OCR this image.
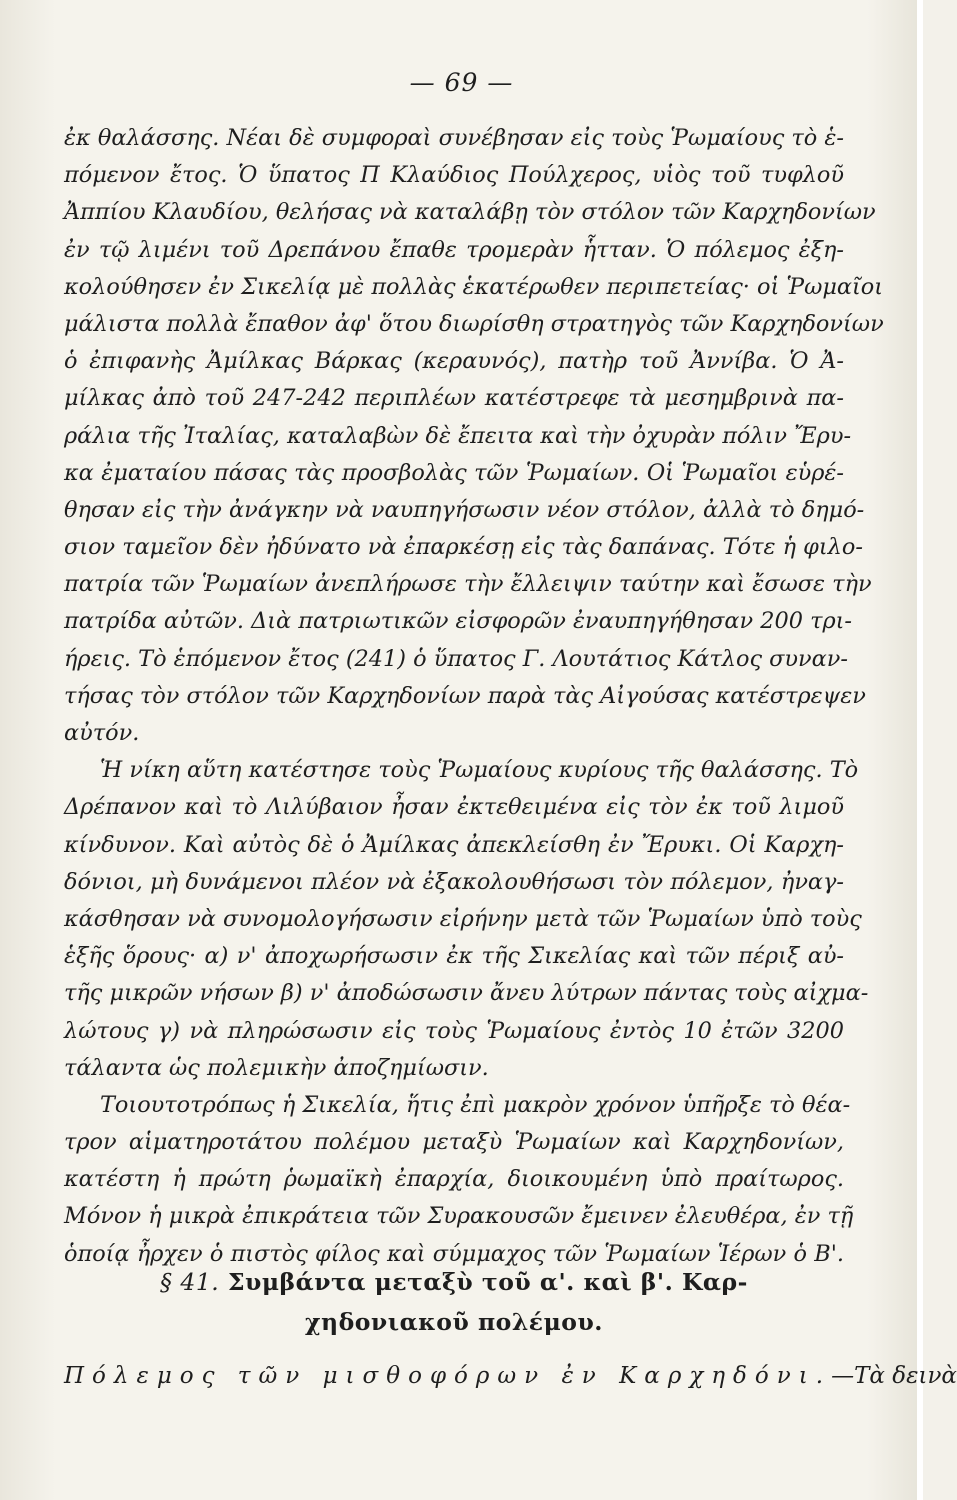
— 69 —
ἐκ θαλάσσης. Νέαι δὲ συμφοραὶ συνέβησαν εἰς τοὺς Ῥωμαίους τὸ ἑ-
πόμενον ἔτος. Ὁ ὕπατος Π Κλαύδιος Πούλχερος, υἱὸς τοῦ τυφλοῦ
Ἀππίου Κλαυδίου, θελήσας νὰ καταλάβῃ τὸν στόλον τῶν Καρχηδονίων
ἐν τῷ λιμένι τοῦ Δρεπάνου ἔπαθε τρομερὰν ἧτταν. Ὁ πόλεμος ἐξη-
κολούθησεν ἐν Σικελίᾳ μὲ πολλὰς ἑκατέρωθεν περιπετείας· οἱ Ῥωμαῖοι
μάλιστα πολλὰ ἔπαθον ἀφ' ὅτου διωρίσθη στρατηγὸς τῶν Καρχηδονίων
ὁ ἐπιφανὴς Ἀμίλκας Βάρκας (κεραυνός), πατὴρ τοῦ Ἀννίβα. Ὁ Ἀ-
μίλκας ἀπὸ τοῦ 247-242 περιπλέων κατέστρεφε τὰ μεσημβρινὰ πα-
ράλια τῆς Ἰταλίας, καταλαβὼν δὲ ἔπειτα καὶ τὴν ὀχυρὰν πόλιν Ἔρυ-
κα ἐματαίου πάσας τὰς προσβολὰς τῶν Ῥωμαίων. Οἱ Ῥωμαῖοι εὑρέ-
θησαν εἰς τὴν ἀνάγκην νὰ ναυπηγήσωσιν νέον στόλον, ἀλλὰ τὸ δημό-
σιον ταμεῖον δὲν ἠδύνατο νὰ ἐπαρκέσῃ εἰς τὰς δαπάνας. Τότε ἡ φιλο-
πατρία τῶν Ῥωμαίων ἀνεπλήρωσε τὴν ἔλλειψιν ταύτην καὶ ἔσωσε τὴν
πατρίδα αὐτῶν. Διὰ πατριωτικῶν εἰσφορῶν ἐναυπηγήθησαν 200 τρι-
ήρεις. Τὸ ἑπόμενον ἔτος (241) ὁ ὕπατος Γ. Λουτάτιος Κάτλος συναν-
τήσας τὸν στόλον τῶν Καρχηδονίων παρὰ τὰς Αἰγούσας κατέστρεψεν
αὐτόν.
Ἡ νίκη αὕτη κατέστησε τοὺς Ῥωμαίους κυρίους τῆς θαλάσσης. Τὸ
Δρέπανον καὶ τὸ Λιλύβαιον ἦσαν ἐκτεθειμένα εἰς τὸν ἐκ τοῦ λιμοῦ
κίνδυνον. Καὶ αὐτὸς δὲ ὁ Ἀμίλκας ἀπεκλείσθη ἐν Ἔρυκι. Οἱ Καρχη-
δόνιοι, μὴ δυνάμενοι πλέον νὰ ἐξακολουθήσωσι τὸν πόλεμον, ἠναγ-
κάσθησαν νὰ συνομολογήσωσιν εἰρήνην μετὰ τῶν Ῥωμαίων ὑπὸ τοὺς
ἑξῆς ὅρους· α) ν' ἀποχωρήσωσιν ἐκ τῆς Σικελίας καὶ τῶν πέριξ αὐ-
τῆς μικρῶν νήσων β) ν' ἀποδώσωσιν ἄνευ λύτρων πάντας τοὺς αἰχμα-
λώτους γ) νὰ πληρώσωσιν εἰς τοὺς Ῥωμαίους ἐντὸς 10 ἐτῶν 3200
τάλαντα ὡς πολεμικὴν ἀποζημίωσιν.
Τοιουτοτρόπως ἡ Σικελία, ἥτις ἐπὶ μακρὸν χρόνον ὑπῆρξε τὸ θέα-
τρον αἱματηροτάτου πολέμου μεταξὺ Ῥωμαίων καὶ Καρχηδονίων,
κατέστη ἡ πρώτη ῥωμαϊκὴ ἐπαρχία, διοικουμένη ὑπὸ πραίτωρος.
Μόνον ἡ μικρὰ ἐπικράτεια τῶν Συρακουσῶν ἔμεινεν ἐλευθέρα, ἐν τῇ
ὁποίᾳ ἦρχεν ὁ πιστὸς φίλος καὶ σύμμαχος τῶν Ῥωμαίων Ἱέρων ὁ Β'.
§ 41. Συμβάντα μεταξὺ τοῦ α'. καὶ β'. Καρ-
χηδονιακοῦ πολέμου.
Πόλεμος τῶν μισθοφόρων ἐν Καρχηδόνι.—Τὰ δεινὰ
